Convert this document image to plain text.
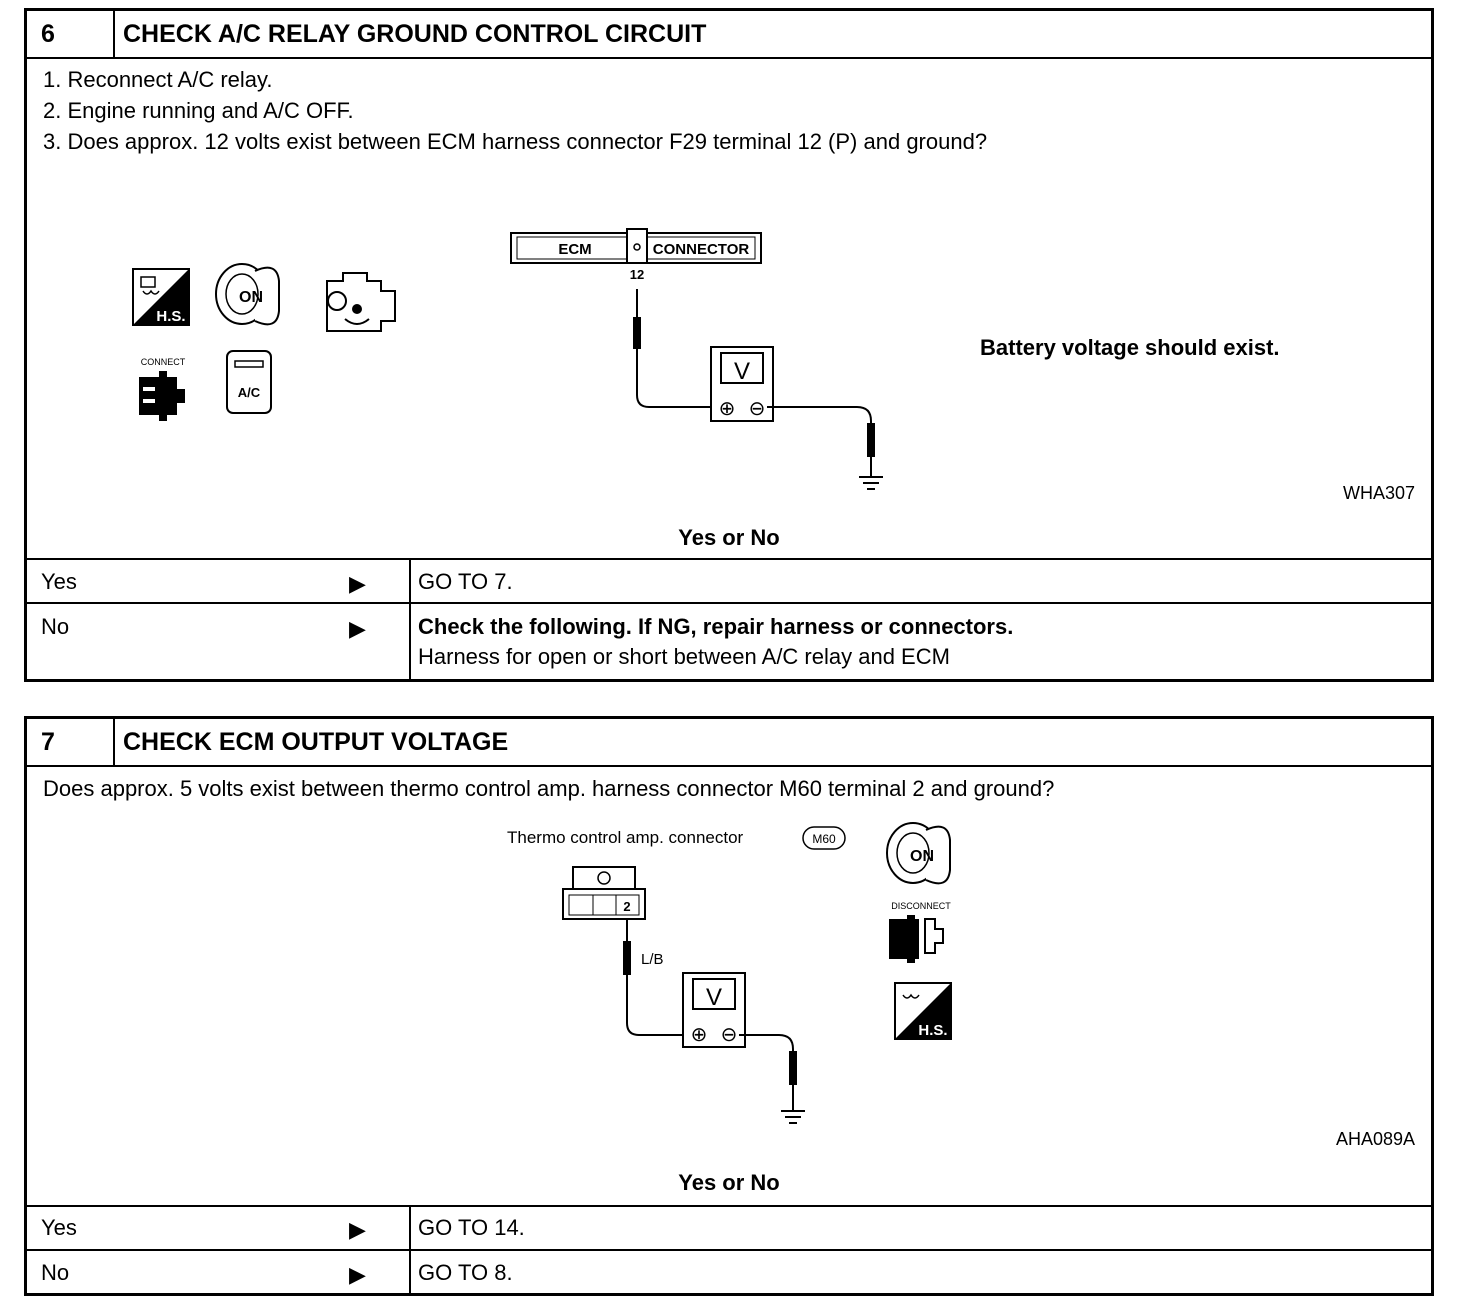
6	CHECK A/C RELAY GROUND CONTROL CIRCUIT
1. Reconnect A/C relay.
2. Engine running and A/C OFF.
3. Does approx. 12 volts exist between ECM harness connector F29 terminal 12 (P) and ground?
H.S.
ON
CONNECT
A/C
ECM	CONNECTOR
12
V
⊕ ⊖
Battery voltage should exist.
WHA307
Yes or No
Yes	▶ GO TO 7.
No	▶ Check the following. If NG, repair harness or connectors.
Harness for open or short between A/C relay and ECM
7	CHECK ECM OUTPUT VOLTAGE
Does approx. 5 volts exist between thermo control amp. harness connector M60 terminal 2 and ground?
Thermo control amp. connector	M60
2
L/B
V
⊕ ⊖
ON
DISCONNECT
H.S.
AHA089A
Yes or No
Yes	▶ GO TO 14.
No	▶ GO TO 8.
